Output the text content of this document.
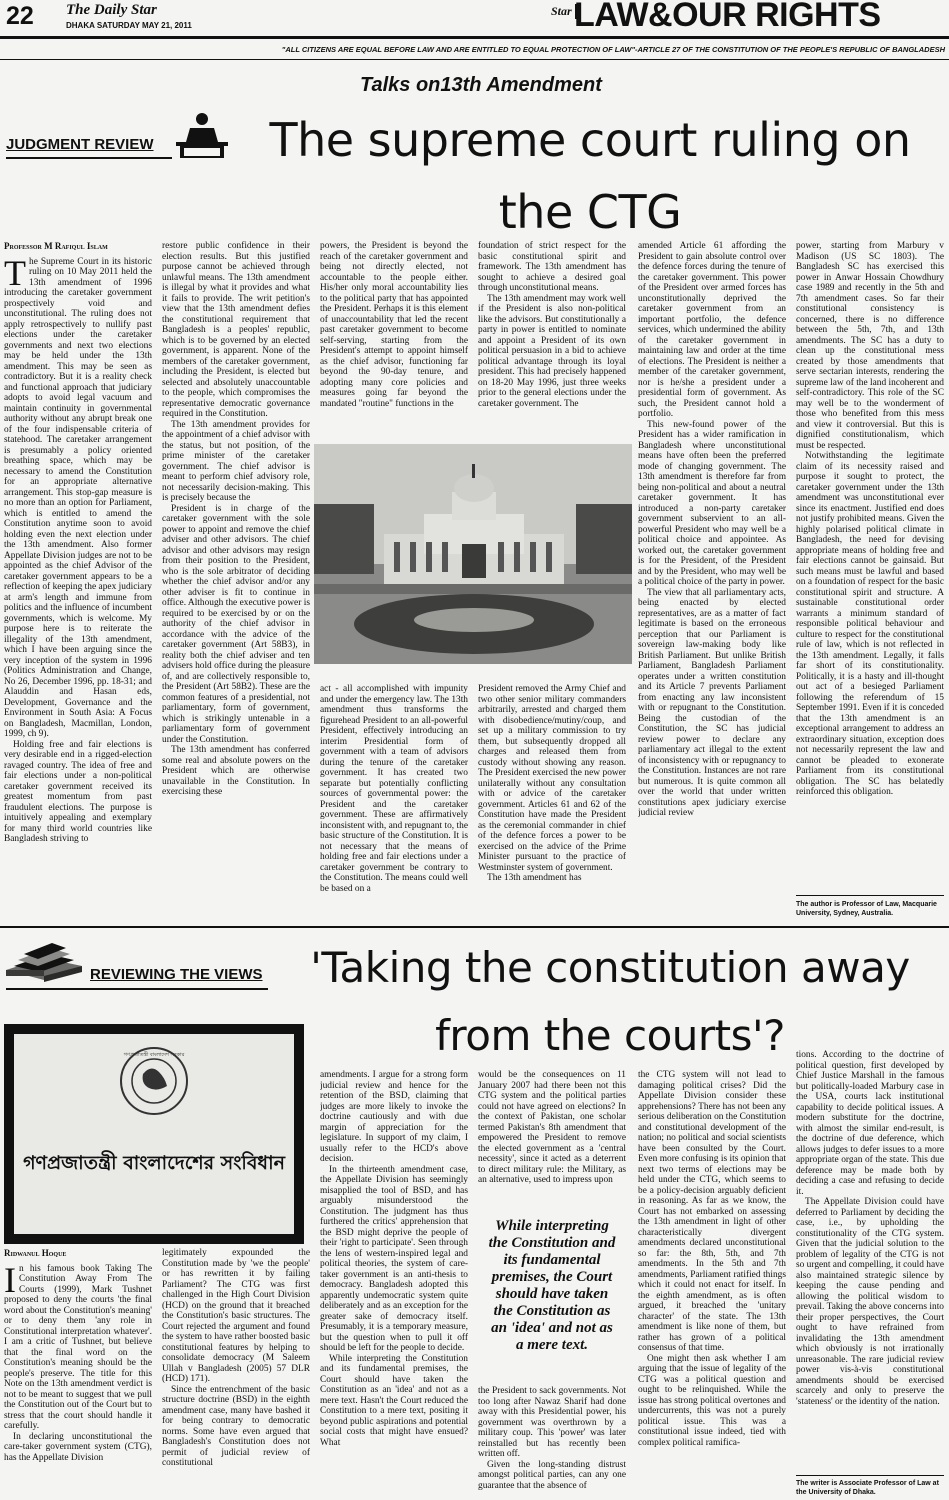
22 The Daily Star
DHAKA SATURDAY MAY 21, 2011
Star LAW&OUR RIGHTS
"ALL CITIZENS ARE EQUAL BEFORE LAW AND ARE ENTITLED TO EQUAL PROTECTION OF LAW"-ARTICLE 27 OF THE CONSTITUTION OF THE PEOPLE'S REPUBLIC OF BANGLADESH
Talks on13th Amendment
JUDGMENT REVIEW	The supreme court ruling on the CTG
Professor M Rafiqul Islam

The Supreme Court in its historic ruling on 10 May 2011 held the 13th amendment of 1996 introducing the caretaker government prospectively void and unconstitutional. The ruling does not apply retrospectively to nullify past elections under the caretaker governments and next two elections may be held under the 13th amendment. This may be seen as contradictory. But it is a reality check and functional approach that judiciary adopts to avoid legal vacuum and maintain continuity in governmental authority without any abrupt break one of the four indispensable criteria of statehood. The caretaker arrangement is presumably a policy oriented breathing space, which may be necessary to amend the Constitution for an appropriate alternative arrangement. This stop-gap measure is no more than an option for Parliament, which is entitled to amend the Constitution anytime soon to avoid holding even the next election under the 13th amendment. Also former Appellate Division judges are not to be appointed as the chief Advisor of the caretaker government appears to be a reflection of keeping the apex judiciary at arm's length and immune from politics and the influence of incumbent governments, which is welcome. My purpose here is to reiterate the illegality of the 13th amendment, which I have been arguing since the very inception of the system in 1996 (Politics Administration and Change, No 26, December 1996, pp. 18-31; and Alauddin and Hasan eds, Development, Governance and the Environment in South Asia: A Focus on Bangladesh, Macmillan, London, 1999, ch 9).

Holding free and fair elections is very desirable end in a rigged-election ravaged country. The idea of free and fair elections under a non-political caretaker government received its greatest momentum from past fraudulent elections. The purpose is intuitively appealing and exemplary for many third world countries like Bangladesh striving to

restore public confidence in their election results. But this justified purpose cannot be achieved through unlawful means. The 13th amendment is illegal by what it provides and what it fails to provide. The writ petition's view that the 13th amendment defies the constitutional requirement that Bangladesh is a peoples' republic, which is to be governed by an elected government, is apparent. None of the members of the caretaker government, including the President, is elected but selected and absolutely unaccountable to the people, which compromises the representative democratic governance required in the Constitution.

The 13th amendment provides for the appointment of a chief advisor with the status, but not position, of the prime minister of the caretaker government. The chief advisor is meant to perform chief advisory role, not necessarily decision-making. This is precisely because the

President is in charge of the caretaker government with the sole power to appoint and remove the chief adviser and other advisors. The chief advisor and other advisors may resign from their position to the President, who is the sole arbitrator of deciding whether the chief advisor and/or any other adviser is fit to continue in office. Although the executive power is required to be exercised by or on the authority of the chief advisor in accordance with the advice of the caretaker government (Art 58B3), in reality both the chief adviser and ten advisers hold office during the pleasure of, and are collectively responsible to, the President (Art 58B2). These are the common features of a presidential, not parliamentary, form of government, which is strikingly untenable in a parliamentary form of government under the Constitution.

The 13th amendment has conferred some real and absolute powers on the President which are otherwise unavailable in the Constitution. In exercising these

powers, the President is beyond the reach of the caretaker government and being not directly elected, not accountable to the people either. His/her only moral accountability lies to the political party that has appointed the President. Perhaps it is this element of unaccountability that led the recent past caretaker government to become self-serving, starting from the President's attempt to appoint himself as the chief advisor, functioning far beyond the 90-day tenure, and adopting many core policies and measures going far beyond the mandated "routine" functions in the

foundation of strict respect for the basic constitutional spirit and framework. The 13th amendment has sought to achieve a desired goal through unconstitutional means.

The 13th amendment may work well if the President is also non-political like the advisors. But constitutionally a party in power is entitled to nominate and appoint a President of its own political persuasion in a bid to achieve political advantage through its loyal president. This had precisely happened on 18-20 May 1996, just three weeks prior to the general elections under the caretaker government. The

act - all accomplished with impunity and under the emergency law. The 13th amendment thus transforms the figurehead President to an all-powerful President, effectively introducing an interim Presidential form of government with a team of advisors during the tenure of the caretaker government. It has created two separate but potentially conflicting sources of governmental power: the President and the caretaker government. These are affirmatively inconsistent with, and repugnant to, the basic structure of the Constitution. It is not necessary that the means of holding free and fair elections under a caretaker government be contrary to the Constitution. The means could well be based on a

President removed the Army Chief and two other senior military commanders arbitrarily, arrested and charged them with disobedience/mutiny/coup, and set up a military commission to try them, but subsequently dropped all charges and released them from custody without showing any reason. The President exercised the new power unilaterally without any consultation with or advice of the caretaker government. Articles 61 and 62 of the Constitution have made the President as the ceremonial commander in chief of the defence forces a power to be exercised on the advice of the Prime Minister pursuant to the practice of Westminster system of government.

The 13th amendment has

amended Article 61 affording the President to gain absolute control over the defence forces during the tenure of the caretaker government. This power of the President over armed forces has unconstitutionally deprived the caretaker government from an important portfolio, the defence services, which undermined the ability of the caretaker government in maintaining law and order at the time of elections. The President is neither a member of the caretaker government, nor is he/she a president under a presidential form of government. As such, the President cannot hold a portfolio.

This new-found power of the President has a wider ramification in Bangladesh where unconstitutional means have often been the preferred mode of changing government. The 13th amendment is therefore far from being non-political and about a neutral caretaker government. It has introduced a non-party caretaker government subservient to an all-powerful President who may well be a political choice and appointee. As worked out, the caretaker government is for the President, of the President and by the President, who may well be a political choice of the party in power.

The view that all parliamentary acts, being enacted by elected representatives, are as a matter of fact legitimate is based on the erroneous perception that our Parliament is sovereign law-making body like British Parliament. But unlike British Parliament, Bangladesh Parliament operates under a written constitution and its Article 7 prevents Parliament from enacting any law inconsistent with or repugnant to the Constitution. Being the custodian of the Constitution, the SC has judicial review power to declare any parliamentary act illegal to the extent of inconsistency with or repugnancy to the Constitution. Instances are not rare but numerous. It is quite common all over the world that under written constitutions apex judiciary exercise judicial review

power, starting from Marbury v Madison (US SC 1803). The Bangladesh SC has exercised this power in Anwar Hossain Chowdhury case 1989 and recently in the 5th and 7th amendment cases. So far their constitutional consistency is concerned, there is no difference between the 5th, 7th, and 13th amendments. The SC has a duty to clean up the constitutional mess created by those amendments that serve sectarian interests, rendering the supreme law of the land incoherent and self-contradictory. This role of the SC may well be to the wonderment of those who benefited from this mess and view it controversial. But this is dignified constitutionalism, which must be respected.

Notwithstanding the legitimate claim of its necessity raised and purpose it sought to protect, the caretaker government under the 13th amendment was unconstitutional ever since its enactment. Justified end does not justify prohibited means. Given the highly polarised political climate in Bangladesh, the need for devising appropriate means of holding free and fair elections cannot be gainsaid. But such means must be lawful and based on a foundation of respect for the basic constitutional spirit and structure. A sustainable constitutional order warrants a minimum standard of responsible political behaviour and culture to respect for the constitutional rule of law, which is not reflected in the 13th amendment. Legally, it falls far short of its constitutionality. Politically, it is a hasty and ill-thought out act of a besieged Parliament following the referendum of 15 September 1991. Even if it is conceded that the 13th amendment is an exceptional arrangement to address an extraordinary situation, exception does not necessarily represent the law and cannot be pleaded to exonerate Parliament from its constitutional obligation. The SC has belatedly reinforced this obligation.

The author is Professor of Law, Macquarie University, Sydney, Australia.
REVIEWING THE VIEWS	'Taking the constitution away from the courts'?
গণপ্রজাতন্ত্রী বাংলাদেশ সরকার
গণপ্রজাতন্ত্রী বাংলাদেশের সংবিধান
Ridwanul Hoque

In his famous book Taking The Constitution Away From The Courts (1999), Mark Tushnet proposed to deny the courts 'the final word about the Constitution's meaning' or to deny them 'any role in Constitutional interpretation whatever'. I am a critic of Tushnet, but believe that the final word on the Constitution's meaning should be the people's preserve. The title for this Note on the 13th amendment verdict is not to be meant to suggest that we pull the Constitution out of the Court but to stress that the court should handle it carefully.

In declaring unconstitutional the care-taker government system (CTG), has the Appellate Division

legitimately expounded the Constitution made by 'we the people' or has rewritten it by failing Parliament? The CTG was first challenged in the High Court Division (HCD) on the ground that it breached the Constitution's basic structures. The Court rejected the argument and found the system to have rather boosted basic constitutional features by helping to consolidate democracy (M Saleem Ullah v Bangladesh (2005) 57 DLR (HCD) 171).

Since the entrenchment of the basic structure doctrine (BSD) in the eighth amendment case, many have bashed it for being contrary to democratic norms. Some have even argued that Bangladesh's Constitution does not permit of judicial review of constitutional

amendments. I argue for a strong form judicial review and hence for the retention of the BSD, claiming that judges are more likely to invoke the doctrine cautiously and with due margin of appreciation for the legislature. In support of my claim, I usually refer to the HCD's above decision.

In the thirteenth amendment case, the Appellate Division has seemingly misapplied the tool of BSD, and has arguably misunderstood the Constitution. The judgment has thus furthered the critics' apprehension that the BSD might deprive the people of their 'right to participate'. Seen through the lens of western-inspired legal and political theories, the system of care-taker government is an anti-thesis to democracy. Bangladesh adopted this apparently undemocratic system quite deliberately and as an exception for the greater sake of democracy itself. Presumably, it is a temporary measure, but the question when to pull it off should be left for the people to decide.

While interpreting the Constitution and its fundamental premises, the Court should have taken the Constitution as an 'idea' and not as a mere text. Hasn't the Court reduced the Constitution to a mere text, positing it beyond public aspirations and potential social costs that might have ensued? What

would be the consequences on 11 January 2007 had there been not this CTG system and the political parties could not have agreed on elections? In the context of Pakistan, one scholar termed Pakistan's 8th amendment that empowered the President to remove the elected government as a 'central necessity', since it acted as a deterrent to direct military rule: the Military, as an alternative, used to impress upon

While interpreting the Constitution and its fundamental premises, the Court should have taken the Constitution as an 'idea' and not as a mere text.

the President to sack governments. Not too long after Nawaz Sharif had done away with this Presidential power, his government was overthrown by a military coup. This 'power' was later reinstalled but has recently been written off.

Given the long-standing distrust amongst political parties, can any one guarantee that the absence of

the CTG system will not lead to damaging political crises? Did the Appellate Division consider these apprehensions? There has not been any serious deliberation on the Constitution and constitutional development of the nation; no political and social scientists have been consulted by the Court. Even more confusing is its opinion that next two terms of elections may be held under the CTG, which seems to be a policy-decision arguably deficient in reasoning. As far as we know, the Court has not embarked on assessing the 13th amendment in light of other characteristically divergent amendments declared unconstitutional so far: the 8th, 5th, and 7th amendments. In the 5th and 7th amendments, Parliament ratified things which it could not enact for itself. In the eighth amendment, as is often argued, it breached the 'unitary character' of the state. The 13th amendment is like none of them, but rather has grown of a political consensus of that time.

One might then ask whether I am arguing that the issue of legality of the CTG was a political question and ought to be relinquished. While the issue has strong political overtones and undercurrents, this was not a purely political issue. This was a constitutional issue indeed, tied with complex political ramifica-

tions. According to the doctrine of political question, first developed by Chief Justice Marshall in the famous but politically-loaded Marbury case in the USA, courts lack institutional capability to decide political issues. A modern substitute for the doctrine, with almost the similar end-result, is the doctrine of due deference, which allows judges to defer issues to a more appropriate organ of the state. This due deference may be made both by deciding a case and refusing to decide it.

The Appellate Division could have deferred to Parliament by deciding the case, i.e., by upholding the constitutionality of the CTG system. Given that the judicial solution to the problem of legality of the CTG is not so urgent and compelling, it could have also maintained strategic silence by keeping the cause pending and allowing the political wisdom to prevail. Taking the above concerns into their proper perspectives, the Court ought to have refrained from invalidating the 13th amendment which obviously is not irrationally unreasonable. The rare judicial review power vis-à-vis constitutional amendments should be exercised scarcely and only to preserve the 'stateness' or the identity of the nation.

The writer is Associate Professor of Law at the University of Dhaka.
